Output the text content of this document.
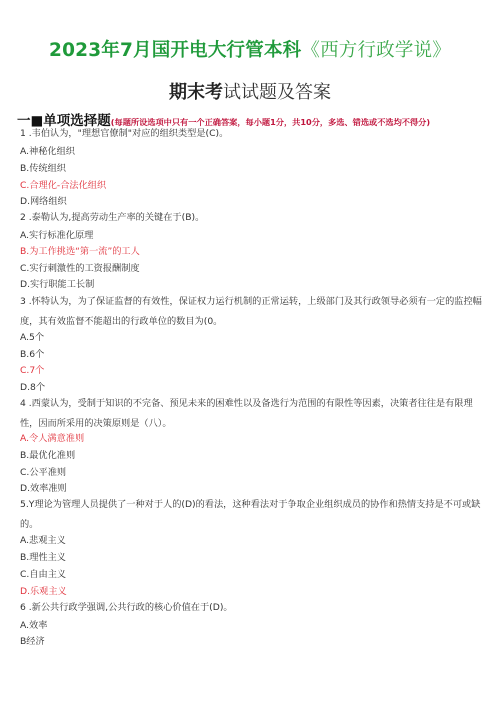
2023年7月国开电大行管本科《西方行政学说》
期末考试试题及答案
一■单项选择题(每题所设选项中只有一个正确答案，每小题1分，共10分，多选、错选或不选均不得分)
1 .韦伯认为，"理想官僚制"对应的组织类型是(C)。
A.神秘化组织
B.传统组织
C.合理化-合法化组织
D.网络组织
2 .泰勒认为,提高劳动生产率的关键在于(B)。
A.实行标准化原理
B.为工作挑选“第一流”的工人
C.实行刺激性的工资报酬制度
D.实行职能工长制
3 .怀特认为，为了保证监督的有效性，保证权力运行机制的正常运转，上级部门及其行政领导必须有一定的监控幅度，其有效监督不能超出的行政单位的数目为(0。
A.5个
B.6个
C.7个
D.8个
4 .西蒙认为，受制于知识的不完备、预见未来的困难性以及备选行为范围的有限性等因素，决策者往往是有限理性，因而所采用的决策原则是（八）。
A.令人满意准则
B.最优化准则
C.公平准则
D.效率准则
5.Y理论为管理人员提供了一种对于人的(D)的看法，这种看法对于争取企业组织成员的协作和热情支持是不可或缺的。
A.悲观主义
B.理性主义
C.自由主义
D.乐观主义
6 .新公共行政学强调,公共行政的核心价值在于(D)。
A.效率
B经济
